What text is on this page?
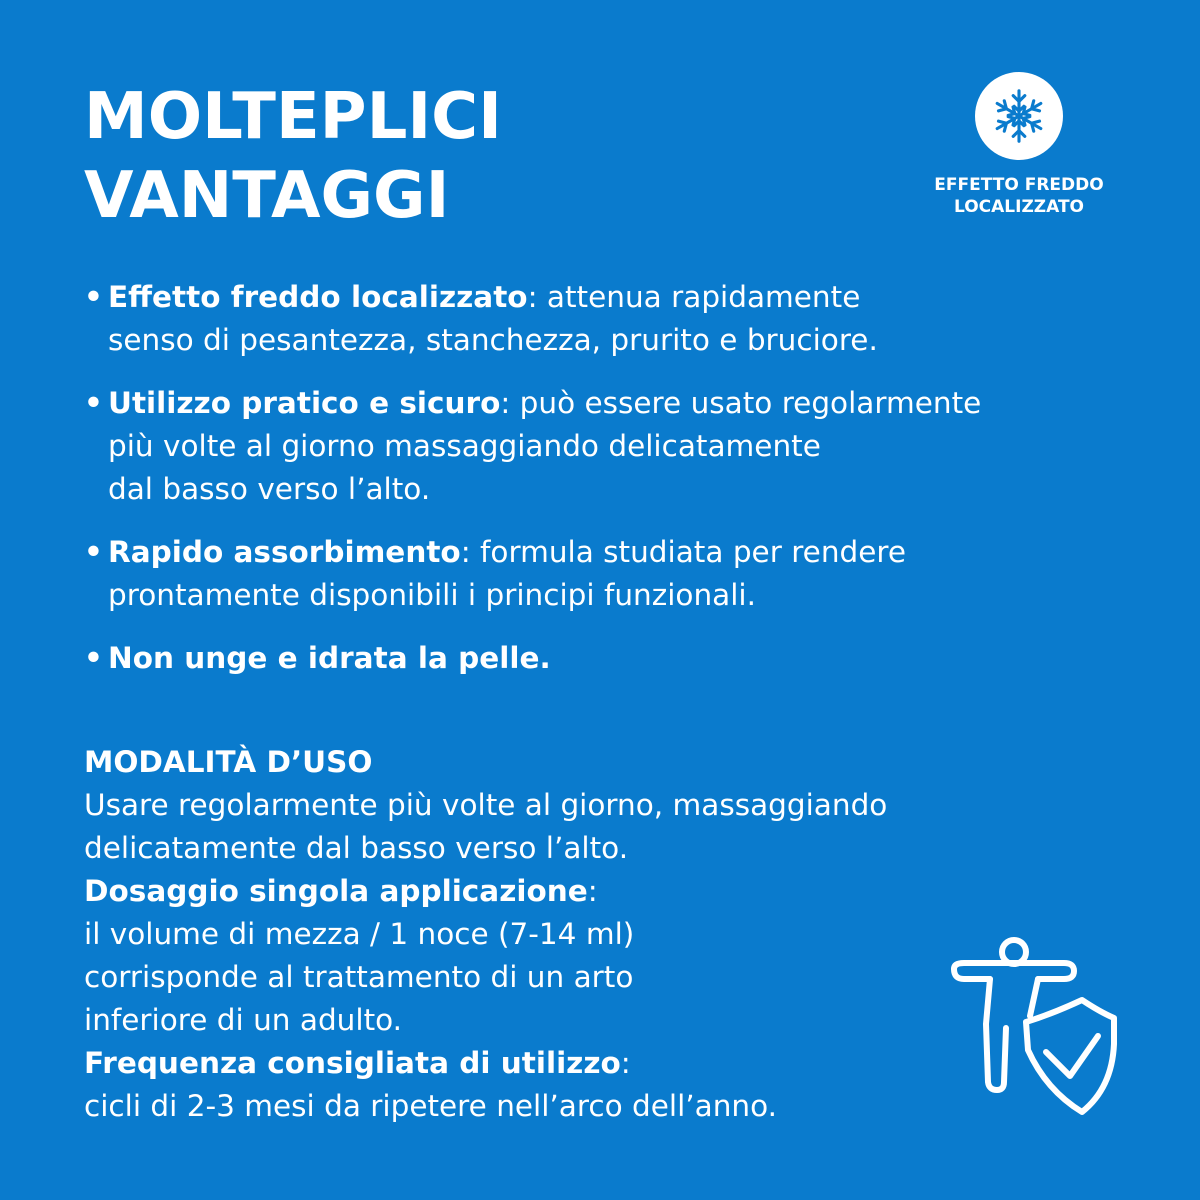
MOLTEPLICI
VANTAGGI	EFFETTO FREDDO
LOCALIZZATO
• Effetto freddo localizzato: attenua rapidamente
senso di pesantezza, stanchezza, prurito e bruciore.
• Utilizzo pratico e sicuro: può essere usato regolarmente
più volte al giorno massaggiando delicatamente
dal basso verso l’alto.
• Rapido assorbimento: formula studiata per rendere
prontamente disponibili i principi funzionali.
• Non unge e idrata la pelle.
MODALITÀ D’USO
Usare regolarmente più volte al giorno, massaggiando
delicatamente dal basso verso l’alto.
Dosaggio singola applicazione:
il volume di mezza / 1 noce (7-14 ml)
corrisponde al trattamento di un arto
inferiore di un adulto.
Frequenza consigliata di utilizzo:
cicli di 2-3 mesi da ripetere nell’arco dell’anno.
